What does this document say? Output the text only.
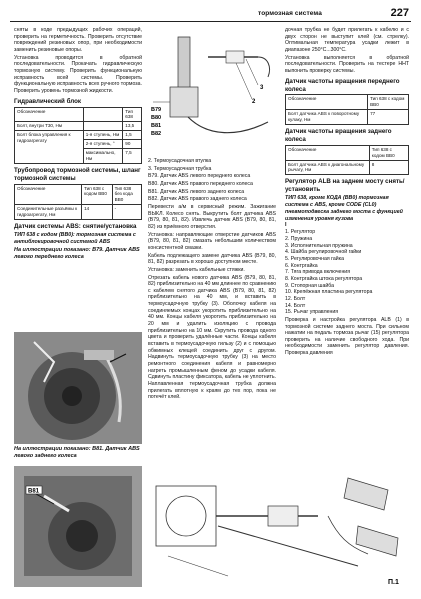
тормозная система	227

сняты в коде предыдущих рабочих операций, проверить на герметичность. Проверить отсутствие повреждений резиновых опор, при необходимости заменить резиновые опоры.

Установка проводится в обратной последовательности. Прокачать гидравлическую тормозную систему. Проверить функциональную исправность всей системы. Проверить функциональную исправность всех ручного тормоза. Проверить уровень тормозной жидкости.

Гидравлический блок
Обозначение		Тип 638
Болт, внутри T30, Нм		13,5
Болт блока управления к гидроагрегату	1-я ступень, Нм	1,5
	2-я ступень, °	90
	максимально, Нм	7,5
Трубопровод тормозной системы, шланг тормозной системы
Обозначение	Тип 638 с кодом BB0	Тип 638 без кода BB0
Соединительные разъёмы к гидроагрегату, Нм	14	-
Датчик системы ABS: снятие/установка
ТИП 638 с кодом (BB0): тормозная система с антиблокировочной системой ABS
На иллюстрации показано: B79. Датчик ABS левого переднего колеса
На иллюстрации показано: B81. Датчик ABS левого заднего колеса
B81
B79
B80
B81
B82
3
2

2. Термоусадочная втулка

3. Термоусадочная трубка

B79. Датчик ABS левого переднего колеса

B80. Датчик ABS правого переднего колеса

B81. Датчик ABS левого заднего колеса

B82. Датчик ABS правого заднего колеса

Перевести а/м в сервисный режим. Зажигание ВЫКЛ. Колесо снять. Выкрутить болт датчика ABS (B79, 80, 81, 82). Извлечь датчик ABS (B79, 80, 81, 82) из приёмного отверстия.

Установка: направляющие отверстие датчиков ABS (B79, 80, 81, 82) смазать небольшим количеством консистентной смазки.

Кабель подлежащего замене датчика ABS (B79, 80, 81, 82) разрезать в хорошо доступном месте.

Установка: заменить кабельные стяжки.

Отрезать кабель нового датчика ABS (B79, 80, 81, 82) приблизительно на 40 мм длиннее по сравнению с кабелем снятого датчика ABS (B79, 80, 81, 82) приблизительно на 40 мм, и вставить в термоусадочную трубку (3). Оболочку кабеля на соединяемых концах укоротить приблизительно на 40 мм. Концы кабеля укоротить приблизительно на 20 мм и удалить изоляцию с провода приблизительно на 10 мм. Скрутить провода одного цвета и проверить удалённые части. Концы кабеля вставить в термоусадочную гильзу (2) и с помощью обжимных клещей соединить друг с другом. Надвинуть термоусадочную трубку (3) на место ремонтного соединения кабеля и равномерно нагреть промышленным феном до усадки кабеля. Сдвинуть пластину фиксатора, кабель не уплотнить. Наплавленная термоусадочная трубка должна прилегать вплотную к краям до тех пор, пока не потечёт клей.

дочная трубка не будет прилегать к кабелю и с двух сторон не выступит клей (см. стрелку). Оптимальная температура усадки лежит в диапазоне 250°C...300°C.

Установка выполняется в обратной последовательности. Проверить на тестере HHT выпонить проверку системы.

Датчик частоты вращения переднего колеса
Обозначение	Тип 638 с кодом BB0
Болт датчика ABS к поворотному кулаку, Нм	77
Датчик частоты вращения заднего колеса
Обозначение	Тип 638 с кодом BB0
Болт датчика ABS к диагональному рычагу, Нм	8
Регулятор ALB на заднем мосту снять/установить
ТИП 638, кроме КОДА (BB0) тормозная система с ABS, кроме CODE (CL0) пневмоподвеска заднего моста с функцией изменения уровня кузова
I
1. Регулятор
2. Пружина
3. Исполнительная пружина
4. Шайба регулировочной гайки
5. Регулировочная гайка
6. Контргайка
7. Тяга привода включения
8. Контргайка штока регулятора
9. Стопорная шайба
10. Крепёжная пластина регулятора
12. Болт
14. Болт
15. Рычаг управления

Проверка и настройка регулятора ALB (1) в тормозной системе заднего моста. При сильном нажатии на педаль тормоза рычаг (15) регулятора проверить на наличие свободного хода. При необходимости заменить регулятор давления. Проверка давления

П.1
